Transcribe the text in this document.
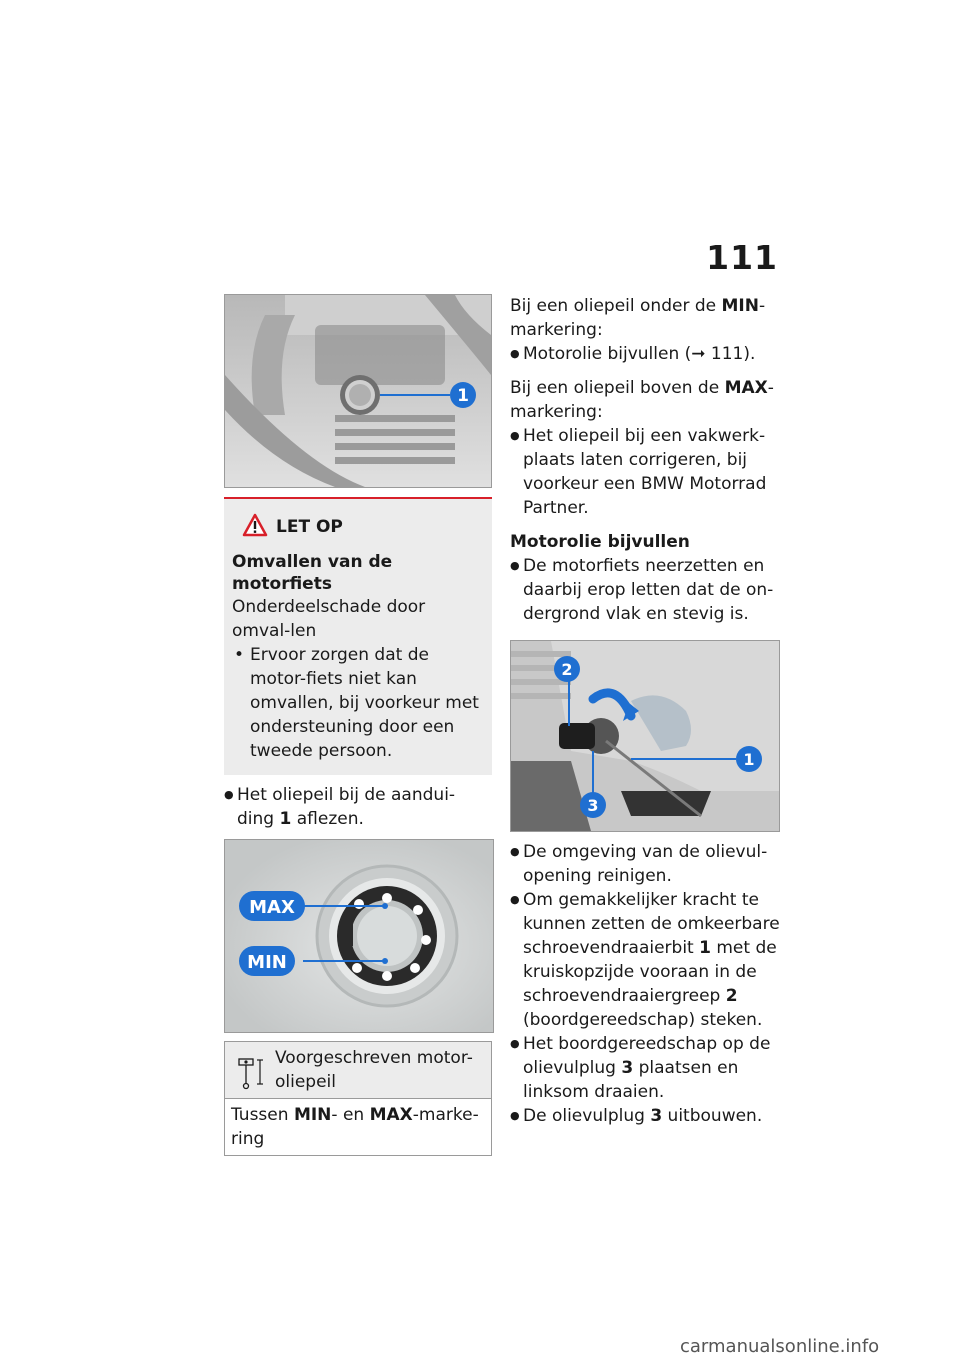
111
1
LET OP
Omvallen van de motorfiets
Onderdeelschade door omval-len
• Ervoor zorgen dat de motor-fiets niet kan omvallen, bij voorkeur met ondersteuning door een tweede persoon.
● Het oliepeil bij de aandui-ding 1 aflezen.
MAX
MIN
Voorgeschreven motor-oliepeil
Tussen MIN- en MAX-marke-ring
Bij een oliepeil onder de MIN-markering:
● Motorolie bijvullen (➞ 111).
Bij een oliepeil boven de MAX-markering:
● Het oliepeil bij een vakwerk-plaats laten corrigeren, bij voorkeur een BMW Motorrad Partner.
Motorolie bijvullen
● De motorfiets neerzetten en daarbij erop letten dat de on-dergrond vlak en stevig is.
2
1
3
● De omgeving van de olievul-opening reinigen.
● Om gemakkelijker kracht te kunnen zetten de omkeerbare schroevendraaierbit 1 met de kruiskopzijde vooraan in de schroevendraaiergreep 2 (boordgereedschap) steken.
● Het boordgereedschap op de olievulplug 3 plaatsen en linksom draaien.
● De olievulplug 3 uitbouwen.
carmanualsonline.info
